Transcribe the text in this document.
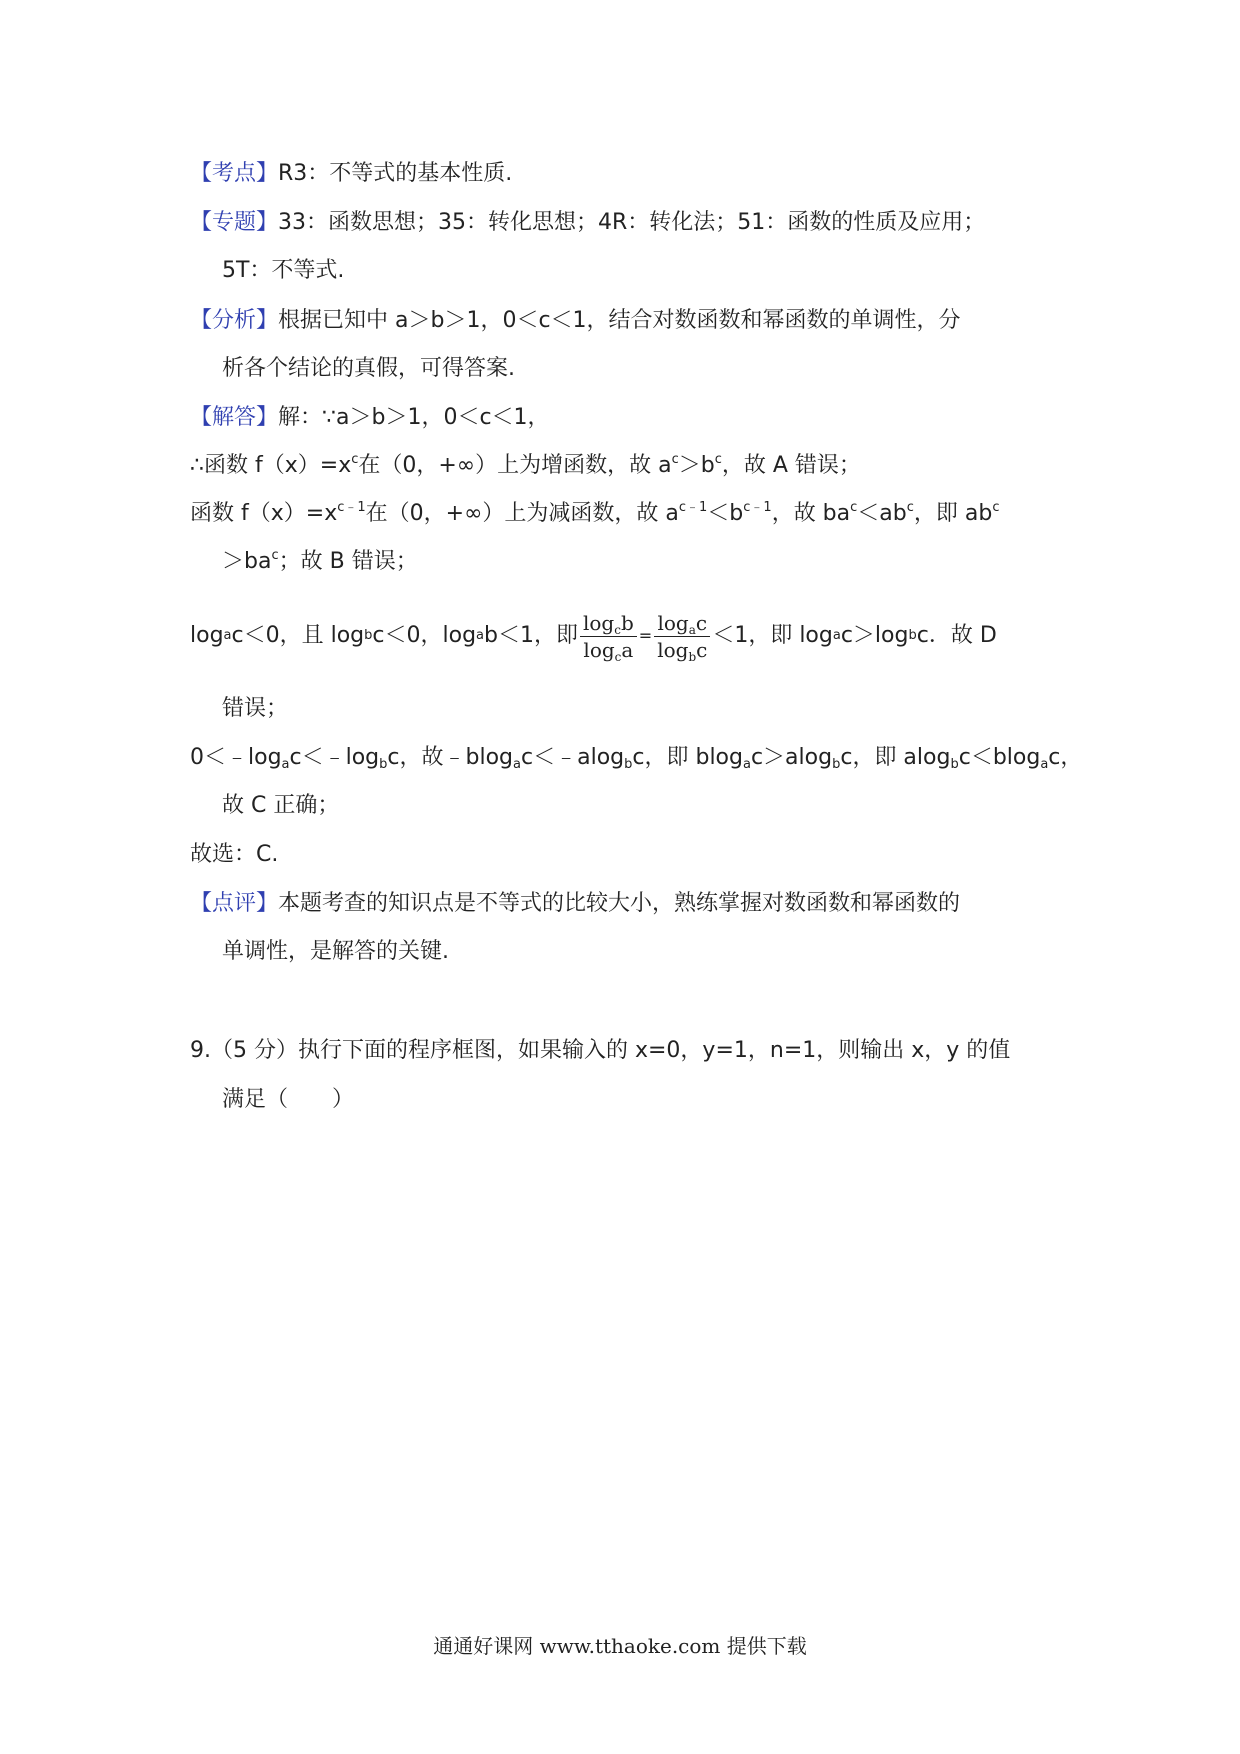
【考点】R3：不等式的基本性质.
【专题】33：函数思想；35：转化思想；4R：转化法；51：函数的性质及应用；
5T：不等式.
【分析】根据已知中 a＞b＞1，0＜c＜1，结合对数函数和幂函数的单调性，分
析各个结论的真假，可得答案.
【解答】解：∵a＞b＞1，0＜c＜1，
∴函数 $f(x)=x^c$在（0，+∞）上为增函数，故 $a^c>b^c$，故 A 错误；
函数 $f(x)=x^{c﹣1}$在（0，+∞）上为减函数，故 $a^{c﹣1}<b^{c﹣1}$，故 $ba^c<ab^c$，即 $ab^c$
$>ba^c$；故 B 错误；
log a c＜0，且 log b c＜0，log a b＜1，即 $\frac{\log_cb}{\log_ca} = \frac{\log_ac}{\log_bc} <1$，即 log a c＞log b c．故 D
错误；
$0<﹣\log_ac<﹣\log_bc$，故﹣blog$_a$c＜﹣alog$_b$c，即 blog$_a$c＞alog$_b$c，即 alog$_b$c＜blog$_a$c，
故 C 正确；
故选：C.
【点评】本题考查的知识点是不等式的比较大小，熟练掌握对数函数和幂函数的
单调性，是解答的关键.
9.（5 分）执行下面的程序框图，如果输入的 x=0，y=1，n=1，则输出 x，y 的值
满足（　　）
通通好课网 www.tthaoke.com 提供下载
